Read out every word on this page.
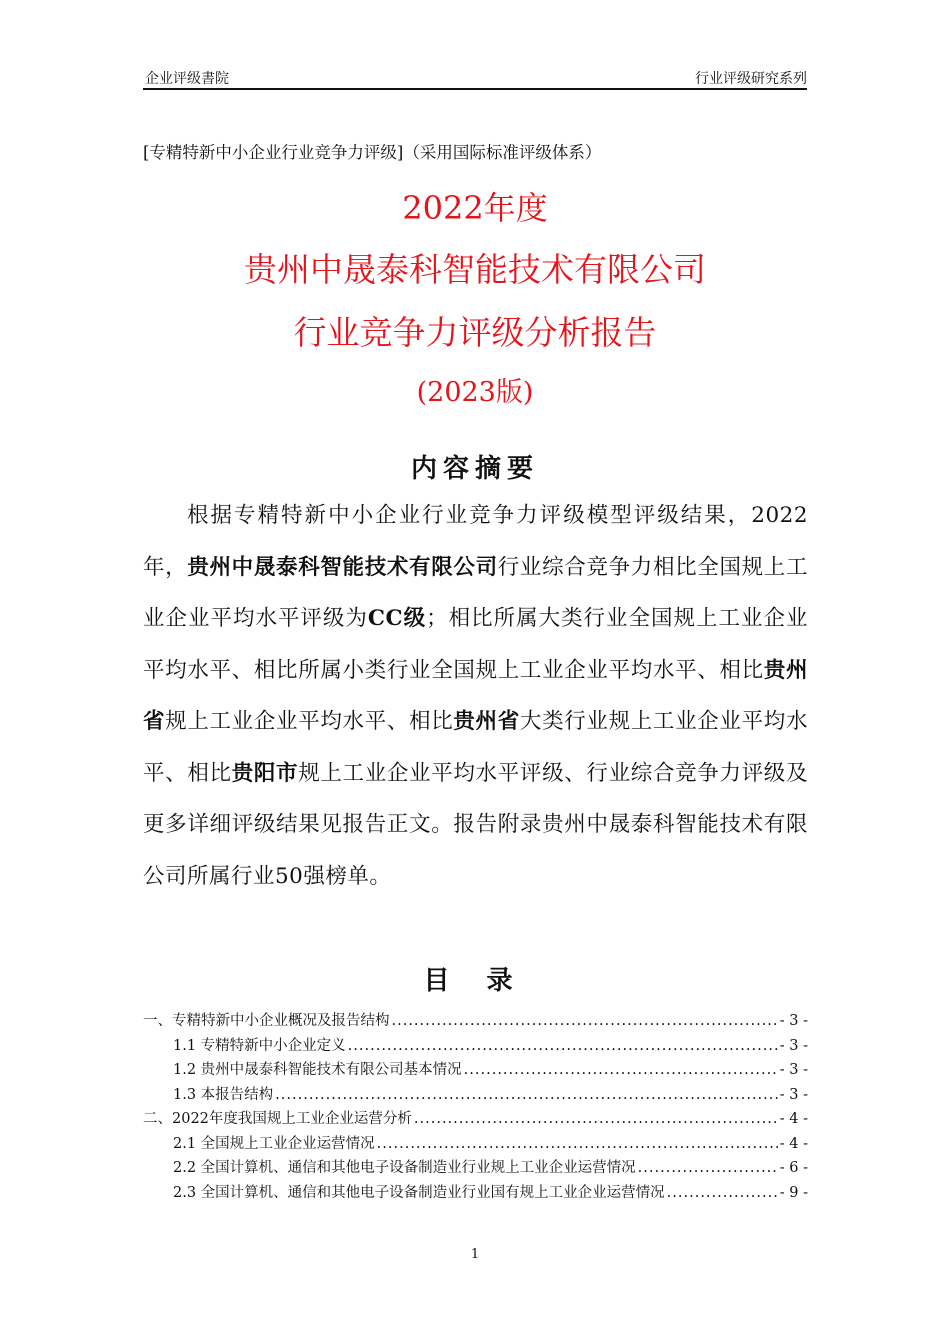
企业评级書院	行业评级研究系列
[专精特新中小企业行业竞争力评级]（采用国际标准评级体系）
2022年度
贵州中晟泰科智能技术有限公司
行业竞争力评级分析报告
(2023版)
内容摘要
根据专精特新中小企业行业竞争力评级模型评级结果，2022年，贵州中晟泰科智能技术有限公司行业综合竞争力相比全国规上工业企业平均水平评级为CC级；相比所属大类行业全国规上工业企业平均水平、相比所属小类行业全国规上工业企业平均水平、相比贵州省规上工业企业平均水平、相比贵州省大类行业规上工业企业平均水平、相比贵阳市规上工业企业平均水平评级、行业综合竞争力评级及更多详细评级结果见报告正文。报告附录贵州中晟泰科智能技术有限公司所属行业50强榜单。
目 录
一、专精特新中小企业概况及报告结构 .....	- 3 -
1.1 专精特新中小企业定义 .....	- 3 -
1.2 贵州中晟泰科智能技术有限公司基本情况 .....	- 3 -
1.3 本报告结构 .....	- 3 -
二、2022年度我国规上工业企业运营分析 .....	- 4 -
2.1 全国规上工业企业运营情况 .....	- 4 -
2.2 全国计算机、通信和其他电子设备制造业行业规上工业企业运营情况 .....	- 6 -
2.3 全国计算机、通信和其他电子设备制造业行业国有规上工业企业运营情况 .....	- 9 -
1
